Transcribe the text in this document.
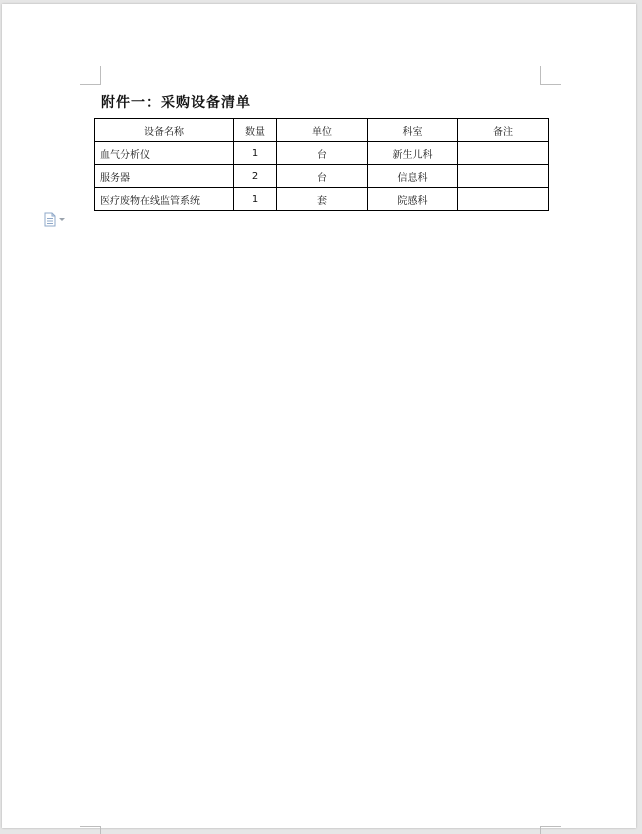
附件一：采购设备清单
设备名称	数量	单位	科室	备注
血气分析仪	1	台	新生儿科	
服务器	2	台	信息科	
医疗废物在线监管系统	1	套	院感科	
